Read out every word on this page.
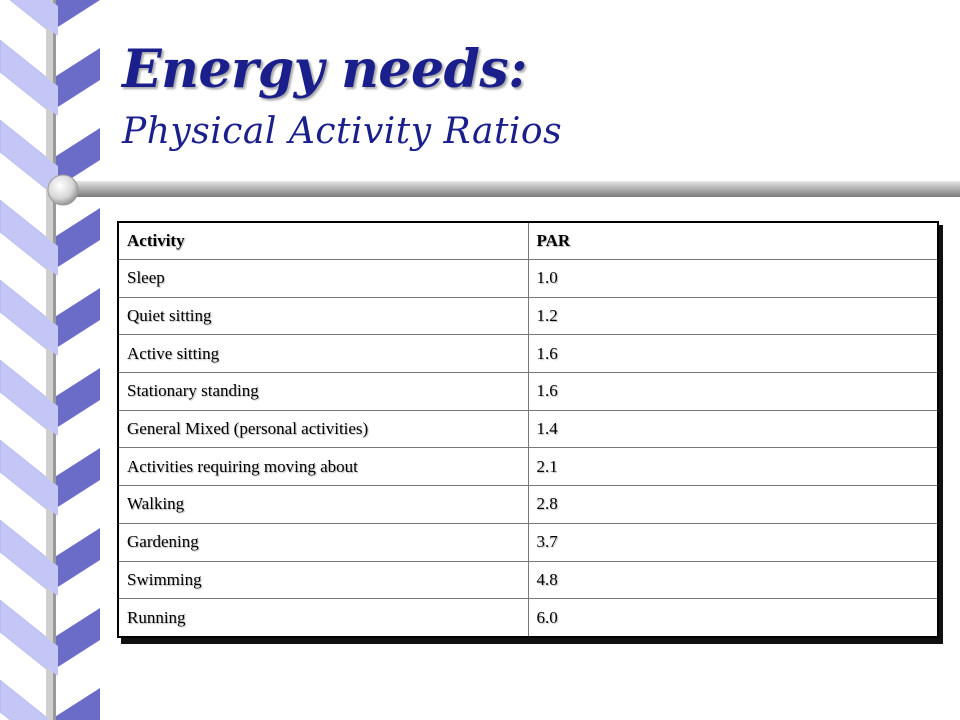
Energy needs:
Physical Activity Ratios
Activity	PAR
Sleep	1.0
Quiet sitting	1.2
Active sitting	1.6
Stationary standing	1.6
General Mixed (personal activities)	1.4
Activities requiring moving about	2.1
Walking	2.8
Gardening	3.7
Swimming	4.8
Running	6.0
